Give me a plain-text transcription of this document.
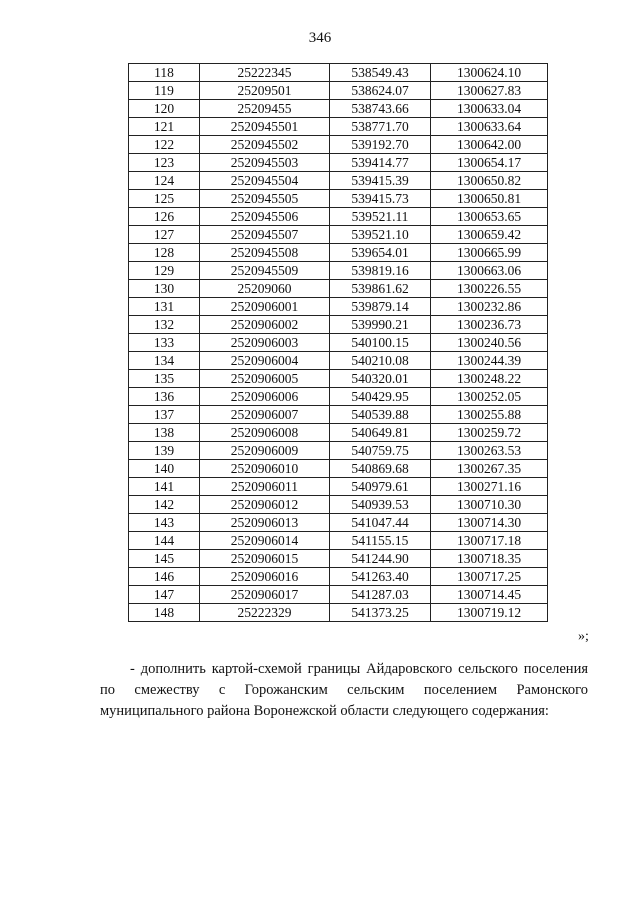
346
118	25222345	538549.43	1300624.10
119	25209501	538624.07	1300627.83
120	25209455	538743.66	1300633.04
121	2520945501	538771.70	1300633.64
122	2520945502	539192.70	1300642.00
123	2520945503	539414.77	1300654.17
124	2520945504	539415.39	1300650.82
125	2520945505	539415.73	1300650.81
126	2520945506	539521.11	1300653.65
127	2520945507	539521.10	1300659.42
128	2520945508	539654.01	1300665.99
129	2520945509	539819.16	1300663.06
130	25209060	539861.62	1300226.55
131	2520906001	539879.14	1300232.86
132	2520906002	539990.21	1300236.73
133	2520906003	540100.15	1300240.56
134	2520906004	540210.08	1300244.39
135	2520906005	540320.01	1300248.22
136	2520906006	540429.95	1300252.05
137	2520906007	540539.88	1300255.88
138	2520906008	540649.81	1300259.72
139	2520906009	540759.75	1300263.53
140	2520906010	540869.68	1300267.35
141	2520906011	540979.61	1300271.16
142	2520906012	540939.53	1300710.30
143	2520906013	541047.44	1300714.30
144	2520906014	541155.15	1300717.18
145	2520906015	541244.90	1300718.35
146	2520906016	541263.40	1300717.25
147	2520906017	541287.03	1300714.45
148	25222329	541373.25	1300719.12
»;
- дополнить картой-схемой границы Айдаровского сельского поселения по смежеству с Горожанским сельским поселением Рамонского муниципального района Воронежской области следующего содержания:
